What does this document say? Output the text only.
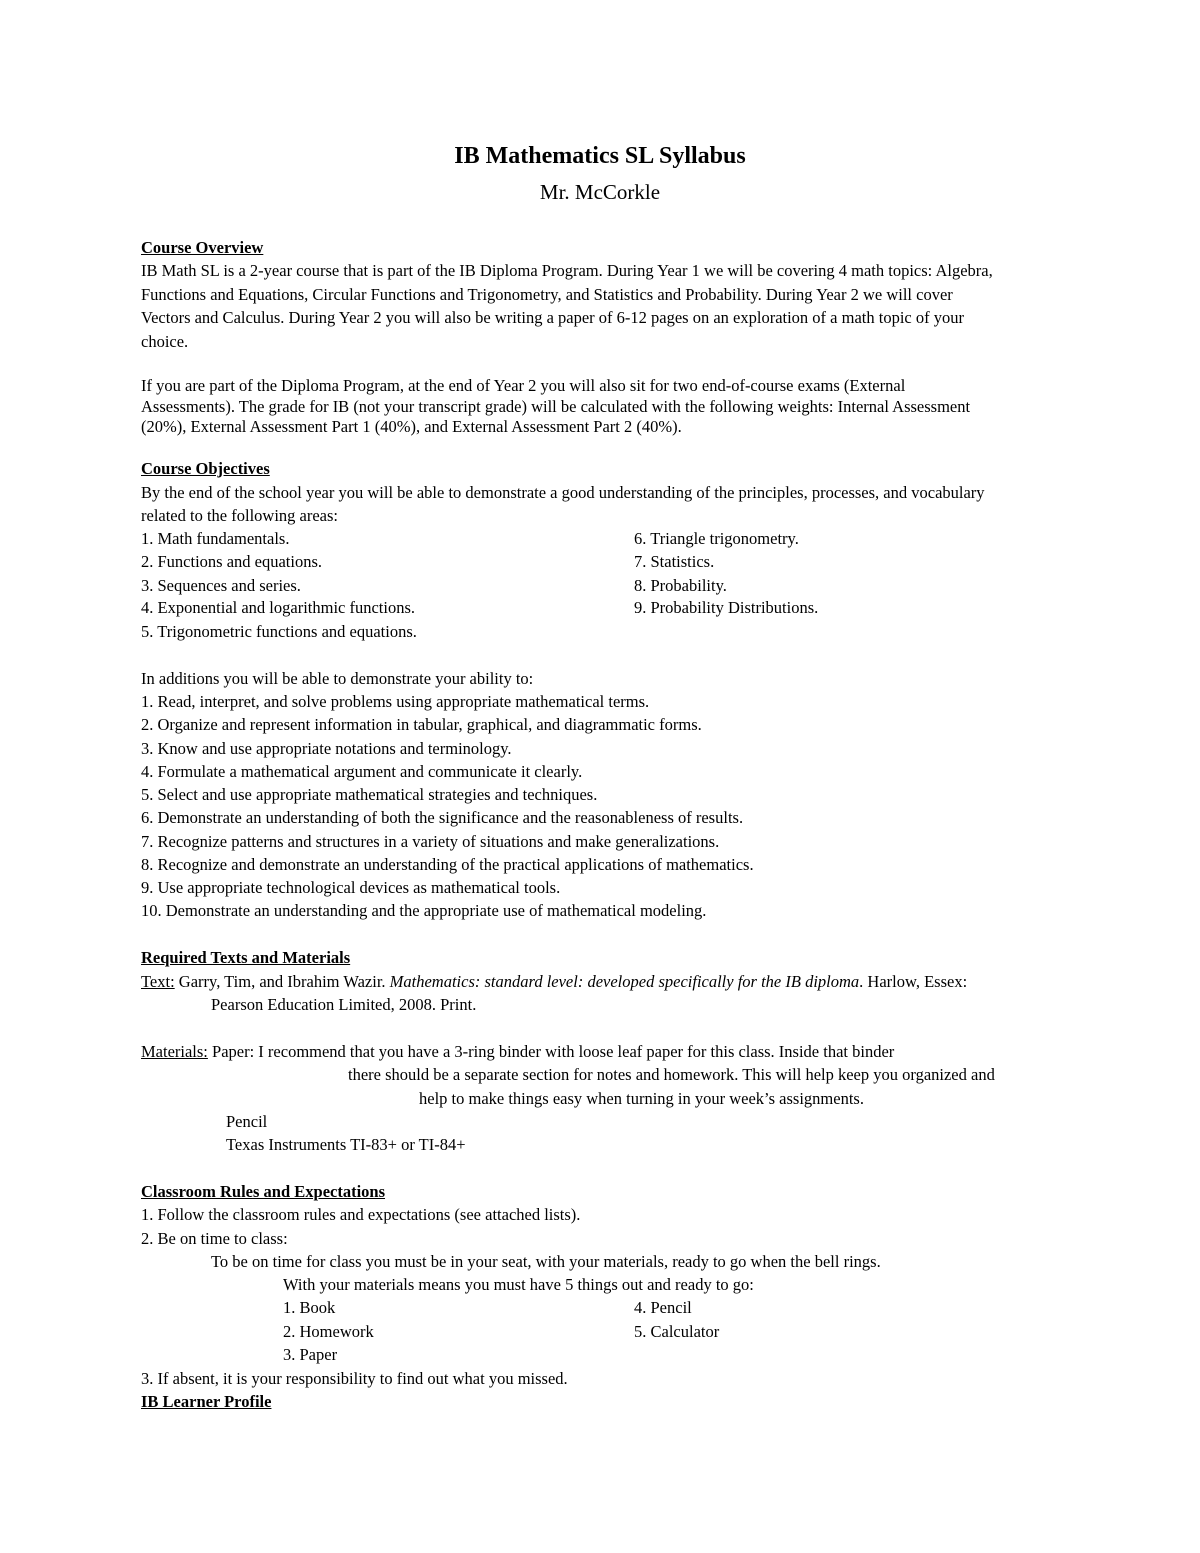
IB Mathematics SL Syllabus
Mr. McCorkle
Course Overview
IB Math SL is a 2-year course that is part of the IB Diploma Program. During Year 1 we will be covering 4 math topics: Algebra,
Functions and Equations, Circular Functions and Trigonometry, and Statistics and Probability. During Year 2 we will cover
Vectors and Calculus. During Year 2 you will also be writing a paper of 6-12 pages on an exploration of a math topic of your
choice.
If you are part of the Diploma Program, at the end of Year 2 you will also sit for two end-of-course exams (External
Assessments). The grade for IB (not your transcript grade) will be calculated with the following weights: Internal Assessment
(20%), External Assessment Part 1 (40%), and External Assessment Part 2 (40%).
Course Objectives
By the end of the school year you will be able to demonstrate a good understanding of the principles, processes, and vocabulary
related to the following areas:
1. Math fundamentals.
2. Functions and equations.
3. Sequences and series.
4. Exponential and logarithmic functions.
5. Trigonometric functions and equations.
6. Triangle trigonometry.
7. Statistics.
8. Probability.
9. Probability Distributions.
In additions you will be able to demonstrate your ability to:
1. Read, interpret, and solve problems using appropriate mathematical terms.
2. Organize and represent information in tabular, graphical, and diagrammatic forms.
3. Know and use appropriate notations and terminology.
4. Formulate a mathematical argument and communicate it clearly.
5. Select and use appropriate mathematical strategies and techniques.
6. Demonstrate an understanding of both the significance and the reasonableness of results.
7. Recognize patterns and structures in a variety of situations and make generalizations.
8. Recognize and demonstrate an understanding of the practical applications of mathematics.
9. Use appropriate technological devices as mathematical tools.
10. Demonstrate an understanding and the appropriate use of mathematical modeling.
Required Texts and Materials
Text: Garry, Tim, and Ibrahim Wazir. Mathematics: standard level: developed specifically for the IB diploma. Harlow, Essex:
Pearson Education Limited, 2008. Print.
Materials: Paper: I recommend that you have a 3-ring binder with loose leaf paper for this class. Inside that binder
there should be a separate section for notes and homework. This will help keep you organized and
help to make things easy when turning in your week’s assignments.
Pencil
Texas Instruments TI-83+ or TI-84+
Classroom Rules and Expectations
1. Follow the classroom rules and expectations (see attached lists).
2. Be on time to class:
To be on time for class you must be in your seat, with your materials, ready to go when the bell rings.
With your materials means you must have 5 things out and ready to go:
1. Book
2. Homework
3. Paper
4. Pencil
5. Calculator
3. If absent, it is your responsibility to find out what you missed.
IB Learner Profile
